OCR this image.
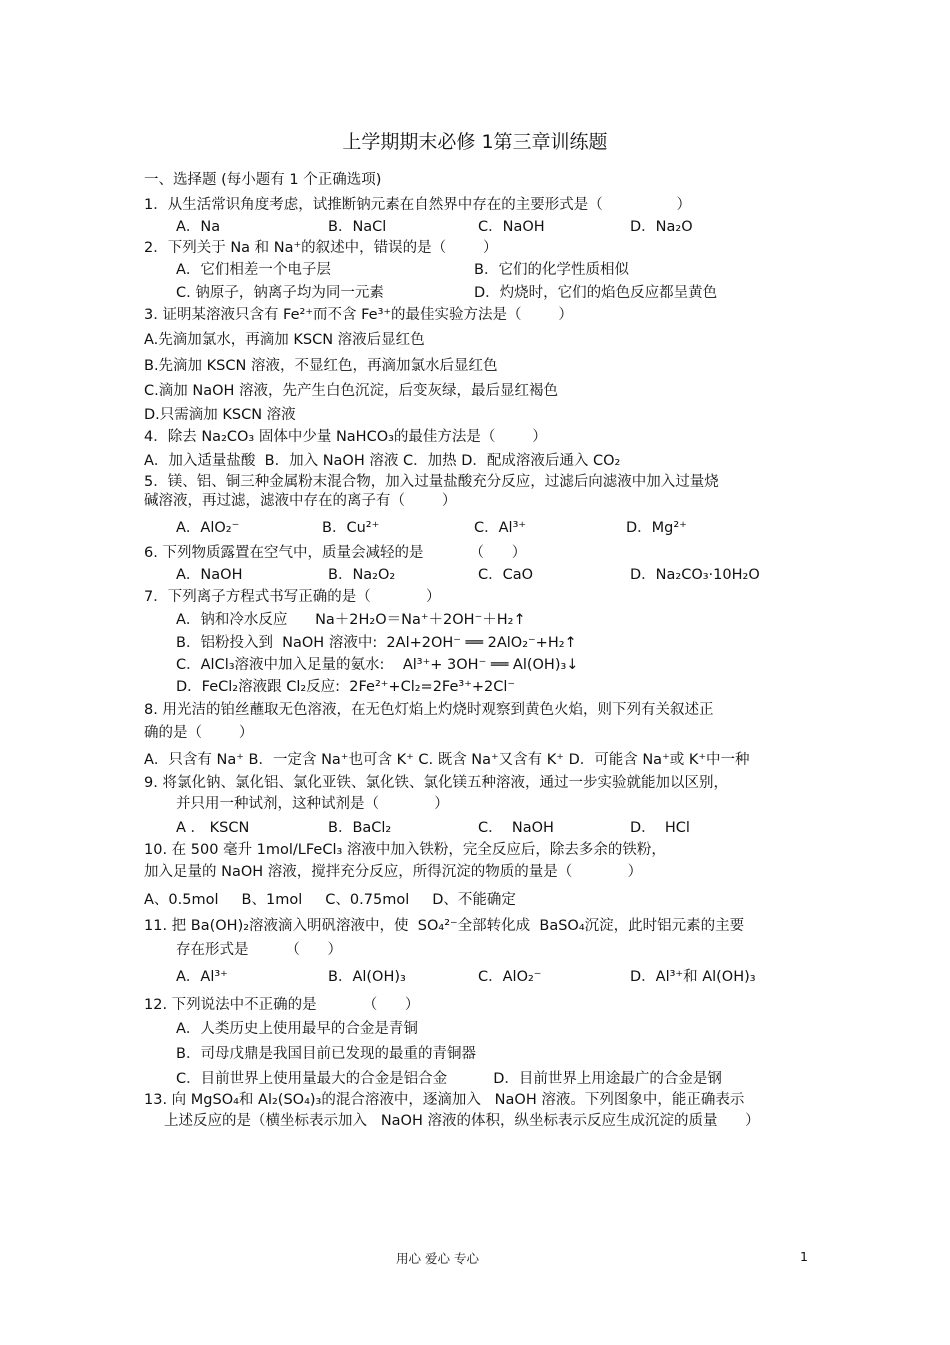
上学期期末必修 1第三章训练题
一、选择题 (每小题有 1 个正确选项)
1．从生活常识角度考虑，试推断钠元素在自然界中存在的主要形式是（                ）
A．Na	B．NaCl	C．NaOH	D．Na₂O
2．下列关于 Na 和 Na⁺的叙述中，错误的是（        ）
A．它们相差一个电子层	B．它们的化学性质相似
C. 钠原子，钠离子均为同一元素	D．灼烧时，它们的焰色反应都呈黄色
3. 证明某溶液只含有 Fe²⁺而不含 Fe³⁺的最佳实验方法是（        ）
A.先滴加氯水，再滴加 KSCN 溶液后显红色
B.先滴加 KSCN 溶液，不显红色，再滴加氯水后显红色
C.滴加 NaOH 溶液，先产生白色沉淀，后变灰绿，最后显红褐色
D.只需滴加 KSCN 溶液
4．除去 Na₂CO₃ 固体中少量 NaHCO₃的最佳方法是（        ）
A．加入适量盐酸  B．加入 NaOH 溶液 C．加热 D．配成溶液后通入 CO₂
5．镁、铝、铜三种金属粉末混合物，加入过量盐酸充分反应，过滤后向滤液中加入过量烧
碱溶液，再过滤，滤液中存在的离子有（        ）
A．AlO₂⁻	B．Cu²⁺	C．Al³⁺	D．Mg²⁺
6. 下列物质露置在空气中，质量会减轻的是          （      ）
A．NaOH	B．Na₂O₂	C．CaO	D．Na₂CO₃·10H₂O
7．下列离子方程式书写正确的是（            ）
A．钠和冷水反应      Na＋2H₂O＝Na⁺＋2OH⁻＋H₂↑
B．铝粉投入到  NaOH 溶液中:  2Al+2OH⁻ ══ 2AlO₂⁻+H₂↑
C．AlCl₃溶液中加入足量的氨水:    Al³⁺+ 3OH⁻ ══ Al(OH)₃↓
D．FeCl₂溶液跟 Cl₂反应:  2Fe²⁺+Cl₂=2Fe³⁺+2Cl⁻
8. 用光洁的铂丝蘸取无色溶液，在无色灯焰上灼烧时观察到黄色火焰，则下列有关叙述正
确的是（        ）
A．只含有 Na⁺ B．一定含 Na⁺也可含 K⁺ C. 既含 Na⁺又含有 K⁺ D．可能含 Na⁺或 K⁺中一种
9. 将氯化钠、氯化铝、氯化亚铁、氯化铁、氯化镁五种溶液，通过一步实验就能加以区别，
并只用一种试剂，这种试剂是（            ）
A ． KSCN	B．BaCl₂	C．  NaOH	D．  HCl
10. 在 500 毫升 1mol/LFeCl₃ 溶液中加入铁粉，完全反应后，除去多余的铁粉，
加入足量的 NaOH 溶液，搅拌充分反应，所得沉淀的物质的量是（            ）
A、0.5mol     B、1mol     C、0.75mol     D、不能确定
11. 把 Ba(OH)₂溶液滴入明矾溶液中，使  SO₄²⁻全部转化成  BaSO₄沉淀，此时铝元素的主要
存在形式是        （      ）
A．Al³⁺	B．Al(OH)₃	C．AlO₂⁻	D．Al³⁺和 Al(OH)₃
12. 下列说法中不正确的是          （      ）
A．人类历史上使用最早的合金是青铜
B．司母戊鼎是我国目前已发现的最重的青铜器
C．目前世界上使用量最大的合金是铝合金          D．目前世界上用途最广的合金是钢
13. 向 MgSO₄和 Al₂(SO₄)₃的混合溶液中，逐滴加入   NaOH 溶液。下列图象中，能正确表示
上述反应的是（横坐标表示加入   NaOH 溶液的体积，纵坐标表示反应生成沉淀的质量      ）
用心 爱心 专心	1
